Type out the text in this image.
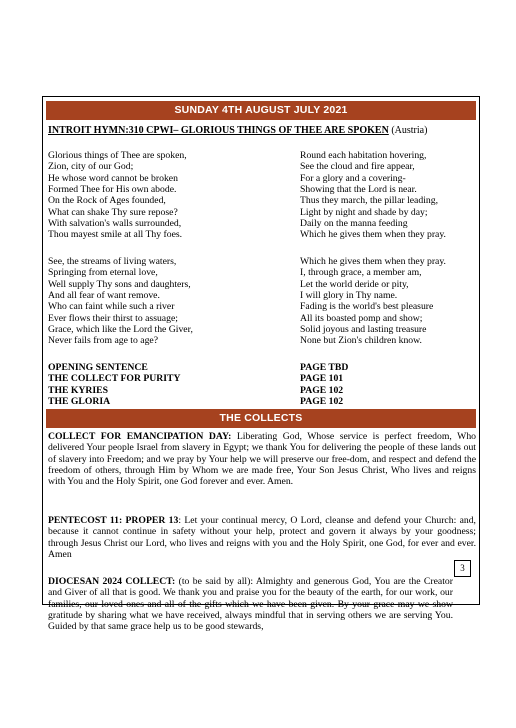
SUNDAY 4TH AUGUST JULY 2021
INTROIT HYMN:310 CPWI– GLORIOUS THINGS OF THEE ARE SPOKEN (Austria)
Glorious things of Thee are spoken,
Zion, city of our God;
He whose word cannot be broken
Formed Thee for His own abode.
On the Rock of Ages founded,
What can shake Thy sure repose?
With salvation's walls surrounded,
Thou mayest smile at all Thy foes.
Round each habitation hovering,
See the cloud and fire appear,
For a glory and a covering-
Showing that the Lord is near.
Thus they march, the pillar leading,
Light by night and shade by day;
Daily on the manna feeding
Which he gives them when they pray.
See, the streams of living waters,
Springing from eternal love,
Well supply Thy sons and daughters,
And all fear of want remove.
Who can faint while such a river
Ever flows their thirst to assuage;
Grace, which like the Lord the Giver,
Never fails from age to age?
Which he gives them when they pray.
I, through grace, a member am,
Let the world deride or pity,
I will glory in Thy name.
Fading is the world's best pleasure
All its boasted pomp and show;
Solid joyous and lasting treasure
None but Zion's children know.
OPENING SENTENCE	PAGE TBD
THE COLLECT FOR PURITY	PAGE 101
THE KYRIES	PAGE 102
THE GLORIA	PAGE 102
THE COLLECTS
COLLECT FOR EMANCIPATION DAY: Liberating God, Whose service is perfect freedom, Who delivered Your people Israel from slavery in Egypt; we thank You for delivering the people of these lands out of slavery into Freedom; and we pray by Your help we will preserve our free-dom, and respect and defend the freedom of others, through Him by Whom we are made free, Your Son Jesus Christ, Who lives and reigns with You and the Holy Spirit, one God forever and ever. Amen.
PENTECOST 11: PROPER 13: Let your continual mercy, O Lord, cleanse and defend your Church: and, because it cannot continue in safety without your help, protect and govern it always by your goodness; through Jesus Christ our Lord, who lives and reigns with you and the Holy Spirit, one God, for ever and ever. Amen
DIOCESAN 2024 COLLECT: (to be said by all): Almighty and generous God, You are the Creator and Giver of all that is good. We thank you and praise you for the beauty of the earth, for our work, our families, our loved ones and all of the gifts which we have been given. By your grace may we show gratitude by sharing what we have received, always mindful that in serving others we are serving You. Guided by that same grace help us to be good stewards,
3
